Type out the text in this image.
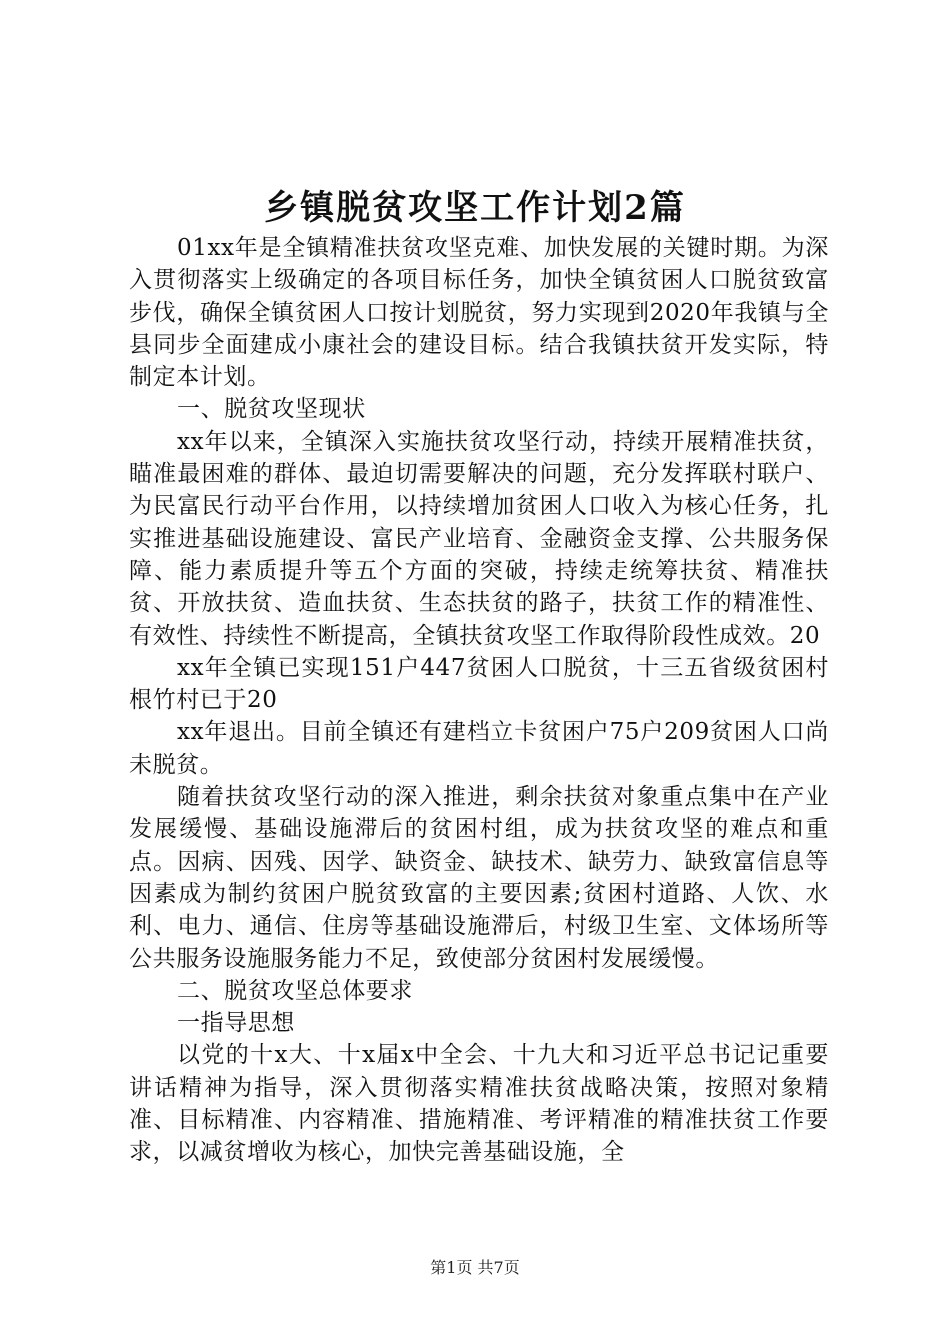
乡镇脱贫攻坚工作计划2篇

01xx年是全镇精准扶贫攻坚克难、加快发展的关键时期。为深入贯彻落实上级确定的各项目标任务，加快全镇贫困人口脱贫致富步伐，确保全镇贫困人口按计划脱贫，努力实现到2020年我镇与全县同步全面建成小康社会的建设目标。结合我镇扶贫开发实际，特制定本计划。

一、脱贫攻坚现状

xx年以来，全镇深入实施扶贫攻坚行动，持续开展精准扶贫，瞄准最困难的群体、最迫切需要解决的问题，充分发挥联村联户、为民富民行动平台作用，以持续增加贫困人口收入为核心任务，扎实推进基础设施建设、富民产业培育、金融资金支撑、公共服务保障、能力素质提升等五个方面的突破，持续走统筹扶贫、精准扶贫、开放扶贫、造血扶贫、生态扶贫的路子，扶贫工作的精准性、有效性、持续性不断提高，全镇扶贫攻坚工作取得阶段性成效。20

xx年全镇已实现151户447贫困人口脱贫，十三五省级贫困村根竹村已于20

xx年退出。目前全镇还有建档立卡贫困户75户209贫困人口尚未脱贫。

随着扶贫攻坚行动的深入推进，剩余扶贫对象重点集中在产业发展缓慢、基础设施滞后的贫困村组，成为扶贫攻坚的难点和重点。因病、因残、因学、缺资金、缺技术、缺劳力、缺致富信息等因素成为制约贫困户脱贫致富的主要因素;贫困村道路、人饮、水利、电力、通信、住房等基础设施滞后，村级卫生室、文体场所等公共服务设施服务能力不足，致使部分贫困村发展缓慢。

二、脱贫攻坚总体要求

一指导思想

以党的十x大、十x届x中全会、十九大和习近平总书记记重要讲话精神为指导，深入贯彻落实精准扶贫战略决策，按照对象精准、目标精准、内容精准、措施精准、考评精准的精准扶贫工作要求，以减贫增收为核心，加快完善基础设施，全

第1页 共7页
